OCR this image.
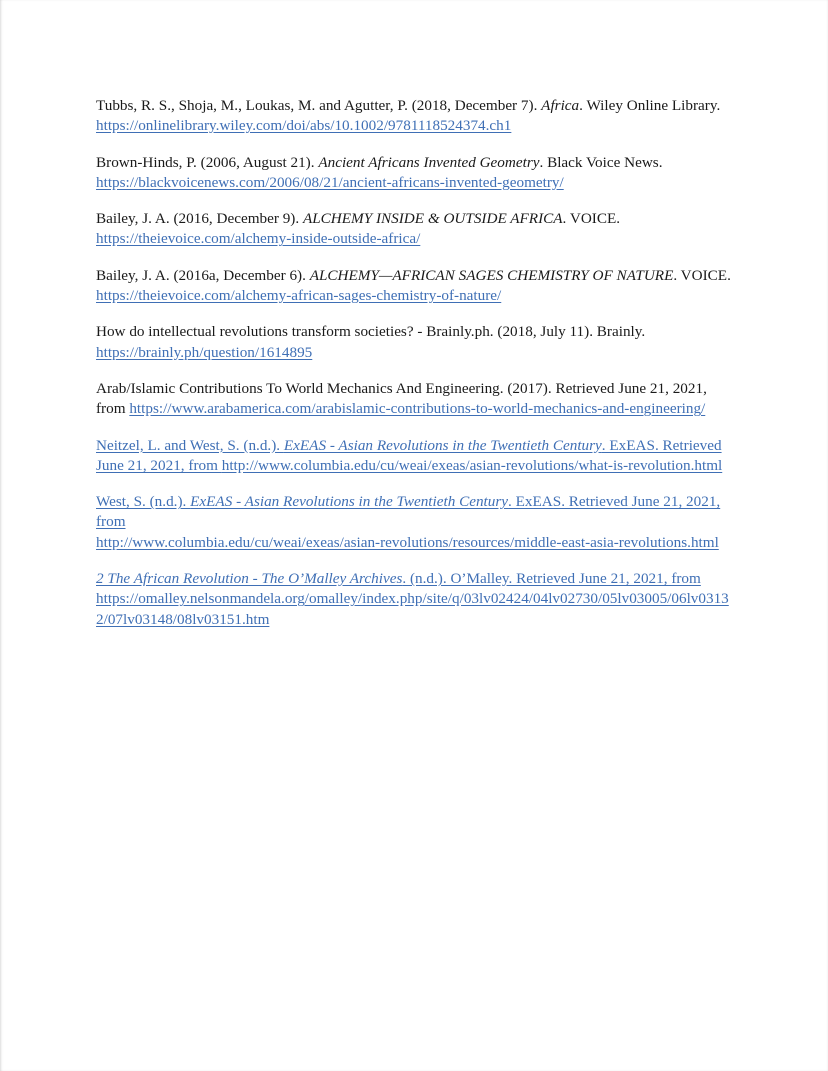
Tubbs, R. S., Shoja, M., Loukas, M. and Agutter, P. (2018, December 7). Africa. Wiley Online Library. https://onlinelibrary.wiley.com/doi/abs/10.1002/9781118524374.ch1

Brown-Hinds, P. (2006, August 21). Ancient Africans Invented Geometry. Black Voice News. https://blackvoicenews.com/2006/08/21/ancient-africans-invented-geometry/

Bailey, J. A. (2016, December 9). ALCHEMY INSIDE & OUTSIDE AFRICA. VOICE. https://theievoice.com/alchemy-inside-outside-africa/

Bailey, J. A. (2016a, December 6). ALCHEMY—AFRICAN SAGES CHEMISTRY OF NATURE. VOICE. https://theievoice.com/alchemy-african-sages-chemistry-of-nature/

How do intellectual revolutions transform societies? - Brainly.ph. (2018, July 11). Brainly. https://brainly.ph/question/1614895

Arab/Islamic Contributions To World Mechanics And Engineering. (2017). Retrieved June 21, 2021, from https://www.arabamerica.com/arabislamic-contributions-to-world-mechanics-and-engineering/

Neitzel, L. and West, S. (n.d.). ExEAS - Asian Revolutions in the Twentieth Century. ExEAS. Retrieved June 21, 2021, from http://www.columbia.edu/cu/weai/exeas/asian-revolutions/what-is-revolution.html

West, S. (n.d.). ExEAS - Asian Revolutions in the Twentieth Century. ExEAS. Retrieved June 21, 2021, from
http://www.columbia.edu/cu/weai/exeas/asian-revolutions/resources/middle-east-asia-revolutions.html

2 The African Revolution - The O’Malley Archives. (n.d.). O’Malley. Retrieved June 21, 2021, from
https://omalley.nelsonmandela.org/omalley/index.php/site/q/03lv02424/04lv02730/05lv03005/06lv03132/07lv03148/08lv03151.htm
